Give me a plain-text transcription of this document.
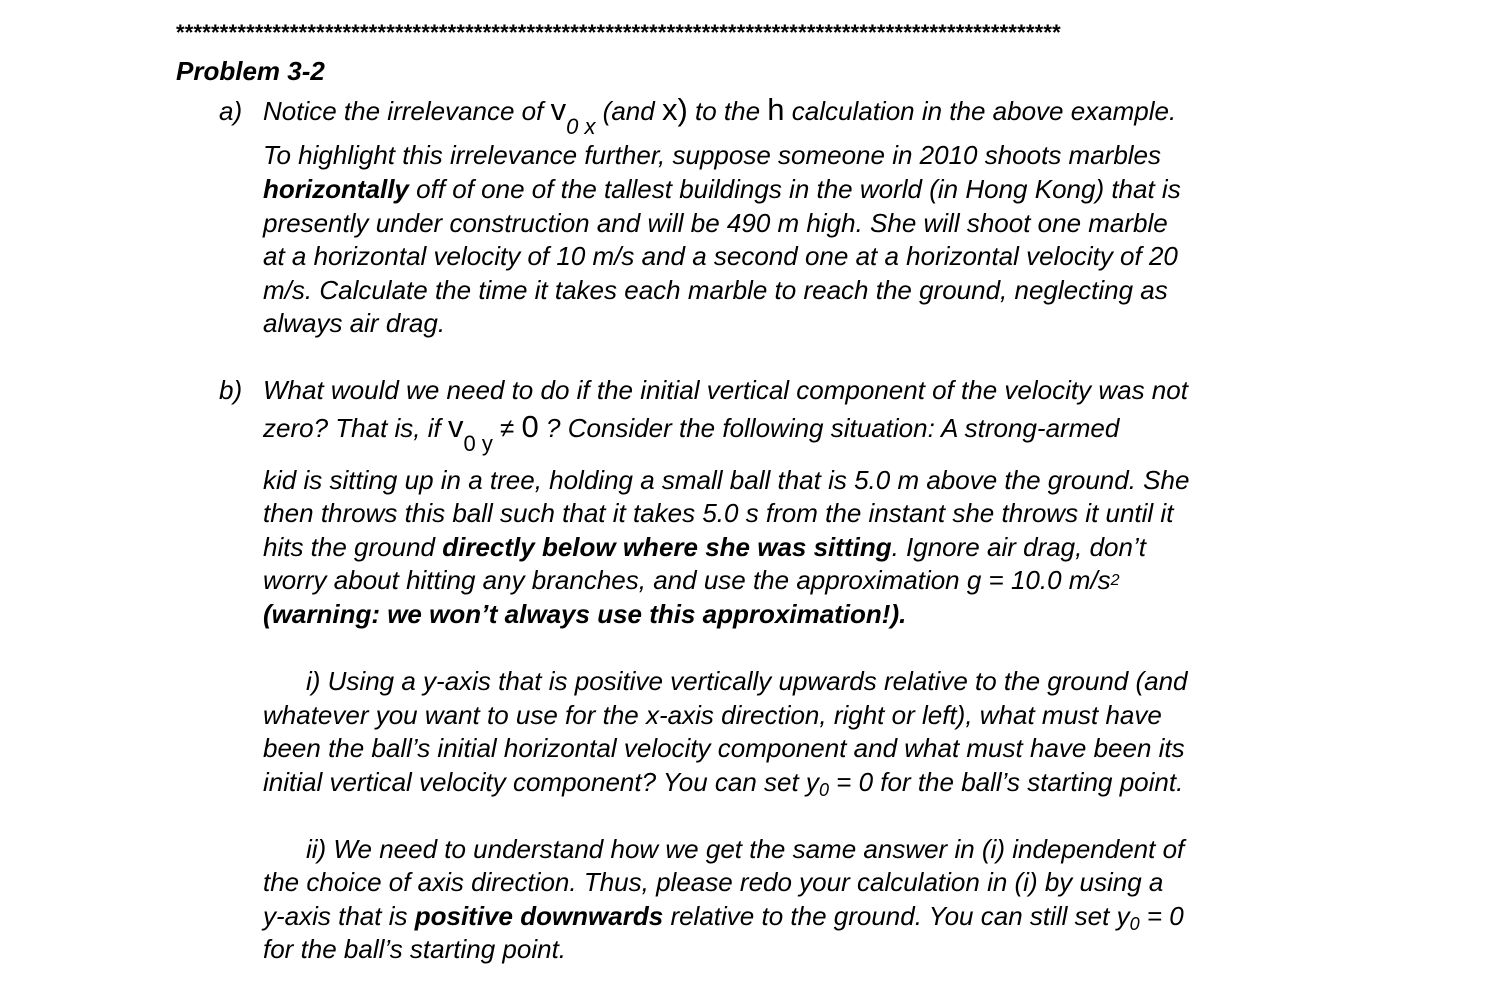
*****************************************************************************************************
Problem 3-2
a) Notice the irrelevance of $v_{0 x}$ (and x) to the h calculation in the above example.
To highlight this irrelevance further, suppose someone in 2010 shoots marbles
horizontally off of one of the tallest buildings in the world (in Hong Kong) that is
presently under construction and will be 490 m high. She will shoot one marble
at a horizontal velocity of 10 m/s and a second one at a horizontal velocity of 20
m/s. Calculate the time it takes each marble to reach the ground, neglecting as
always air drag.
b) What would we need to do if the initial vertical component of the velocity was not
zero? That is, if $v_{0 y} \ne 0$ ? Consider the following situation: A strong-armed
kid is sitting up in a tree, holding a small ball that is 5.0 m above the ground. She
then throws this ball such that it takes 5.0 s from the instant she throws it until it
hits the ground directly below where she was sitting. Ignore air drag, don’t
worry about hitting any branches, and use the approximation g = 10.0 $m/s^2$
(warning: we won’t always use this approximation!).
i) Using a y-axis that is positive vertically upwards relative to the ground (and
whatever you want to use for the x-axis direction, right or left), what must have
been the ball’s initial horizontal velocity component and what must have been its
initial vertical velocity component? You can set y0 = 0 for the ball’s starting point.
ii) We need to understand how we get the same answer in (i) independent of
the choice of axis direction. Thus, please redo your calculation in (i) by using a
y-axis that is positive downwards relative to the ground. You can still set y0 = 0
for the ball’s starting point.
